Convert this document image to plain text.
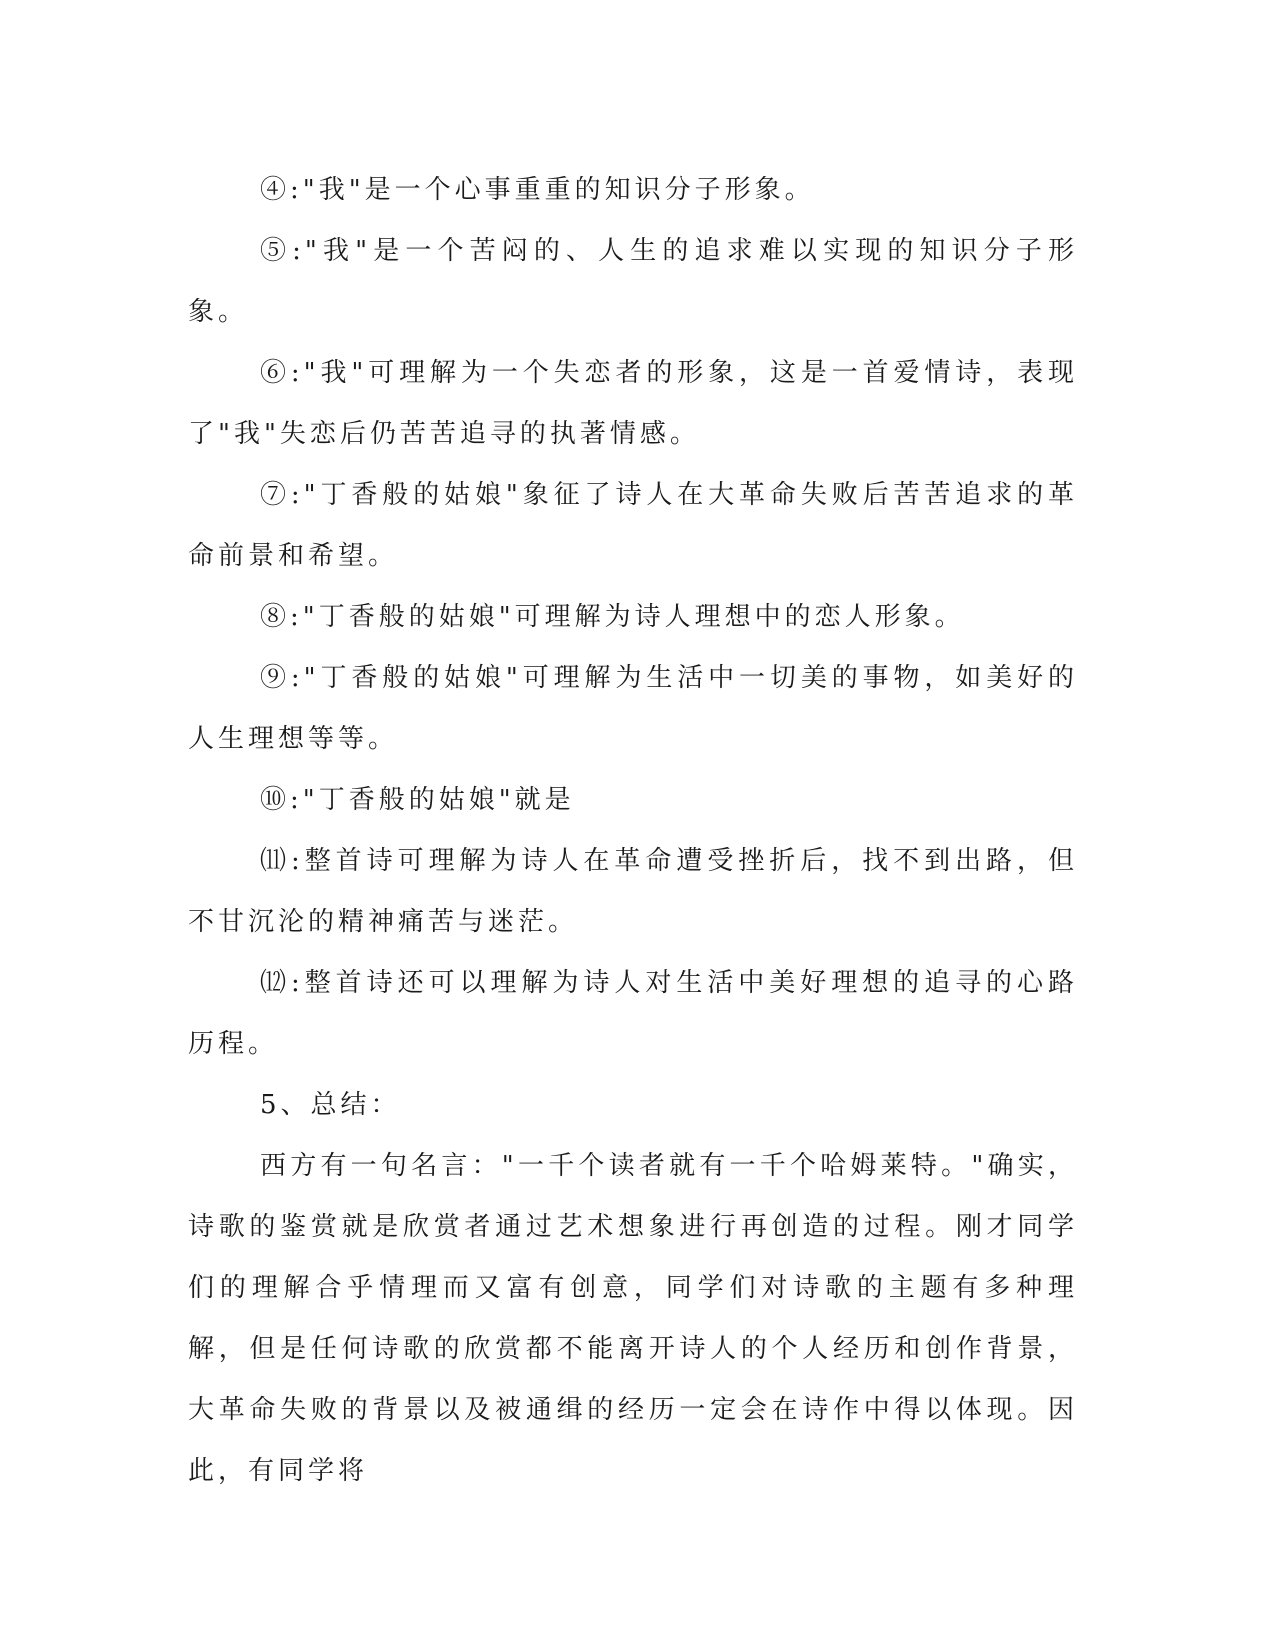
④:"我"是一个心事重重的知识分子形象。

⑤:"我"是一个苦闷的、人生的追求难以实现的知识分子形象。

⑥:"我"可理解为一个失恋者的形象，这是一首爱情诗，表现了"我"失恋后仍苦苦追寻的执著情感。

⑦:"丁香般的姑娘"象征了诗人在大革命失败后苦苦追求的革命前景和希望。

⑧:"丁香般的姑娘"可理解为诗人理想中的恋人形象。

⑨:"丁香般的姑娘"可理解为生活中一切美的事物，如美好的人生理想等等。

⑩:"丁香般的姑娘"就是

⑾:整首诗可理解为诗人在革命遭受挫折后，找不到出路，但不甘沉沦的精神痛苦与迷茫。

⑿:整首诗还可以理解为诗人对生活中美好理想的追寻的心路历程。

5、总结：

西方有一句名言："一千个读者就有一千个哈姆莱特。"确实，诗歌的鉴赏就是欣赏者通过艺术想象进行再创造的过程。刚才同学们的理解合乎情理而又富有创意，同学们对诗歌的主题有多种理解，但是任何诗歌的欣赏都不能离开诗人的个人经历和创作背景，大革命失败的背景以及被通缉的经历一定会在诗作中得以体现。因此，有同学将
